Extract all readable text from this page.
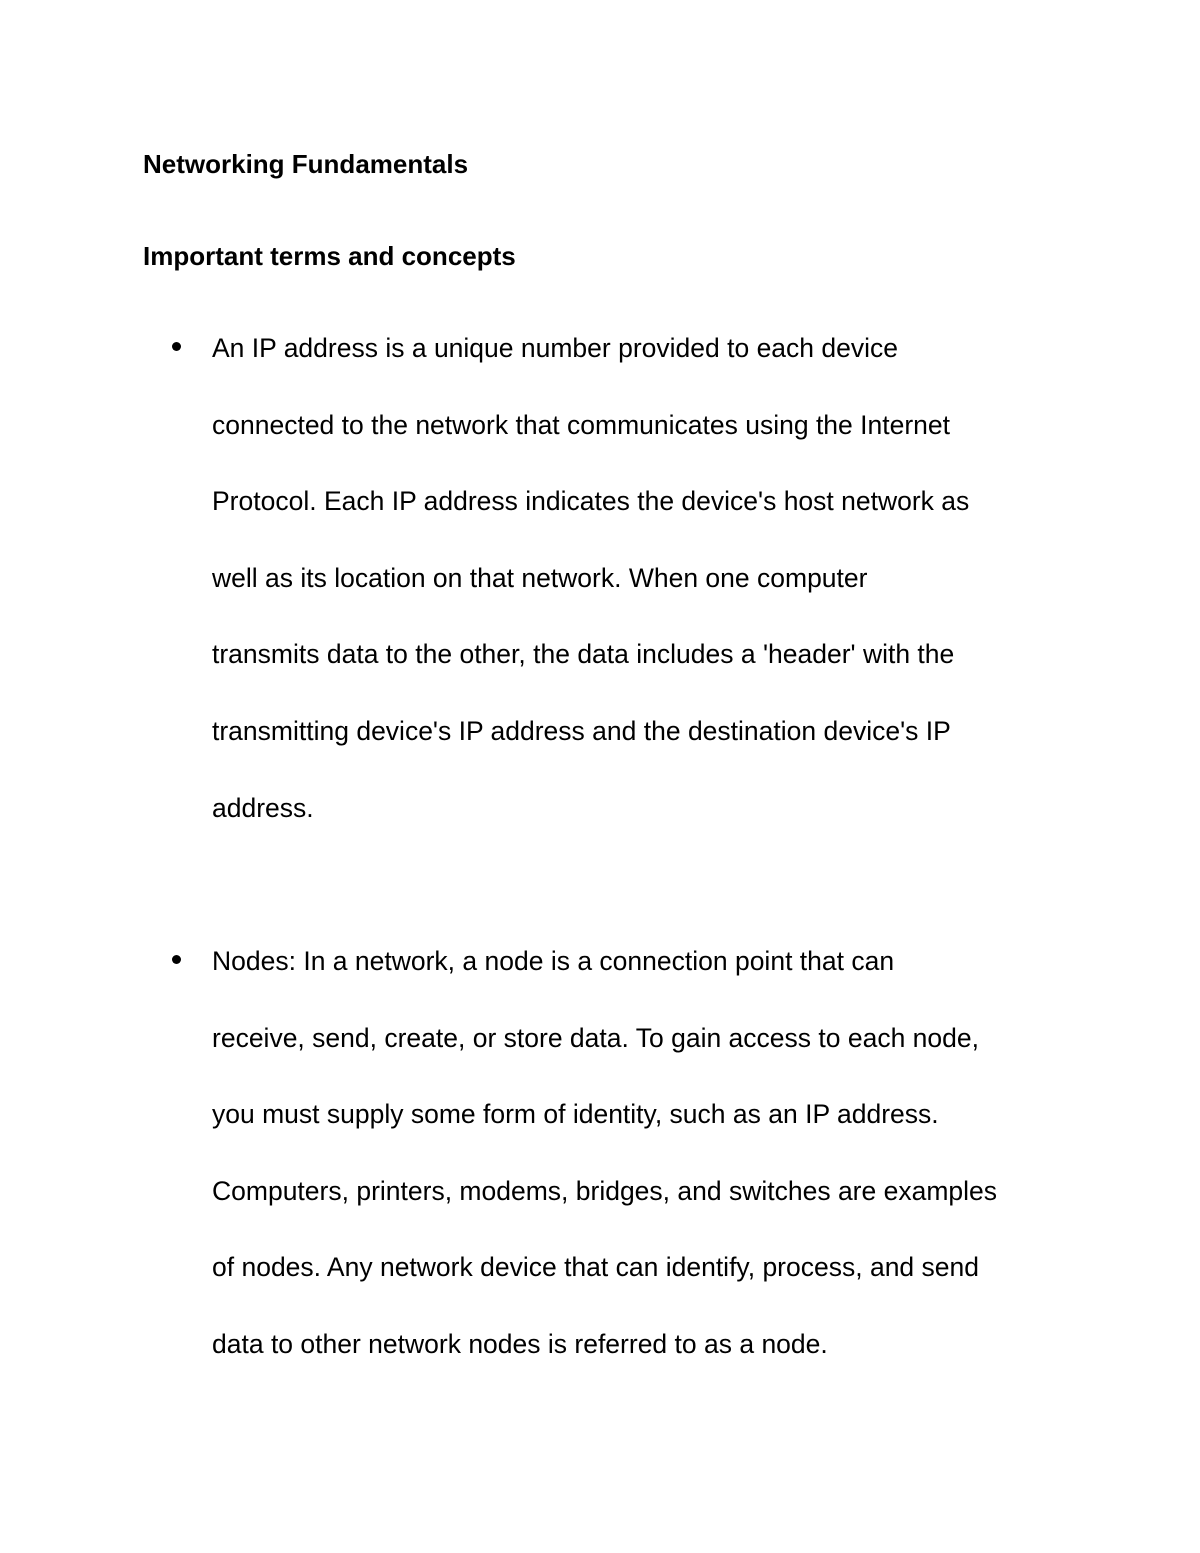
Networking Fundamentals
Important terms and concepts
An IP address is a unique number provided to each device
connected to the network that communicates using the Internet
Protocol. Each IP address indicates the device's host network as
well as its location on that network. When one computer
transmits data to the other, the data includes a 'header' with the
transmitting device's IP address and the destination device's IP
address.
Nodes: In a network, a node is a connection point that can
receive, send, create, or store data. To gain access to each node,
you must supply some form of identity, such as an IP address.
Computers, printers, modems, bridges, and switches are examples
of nodes. Any network device that can identify, process, and send
data to other network nodes is referred to as a node.
